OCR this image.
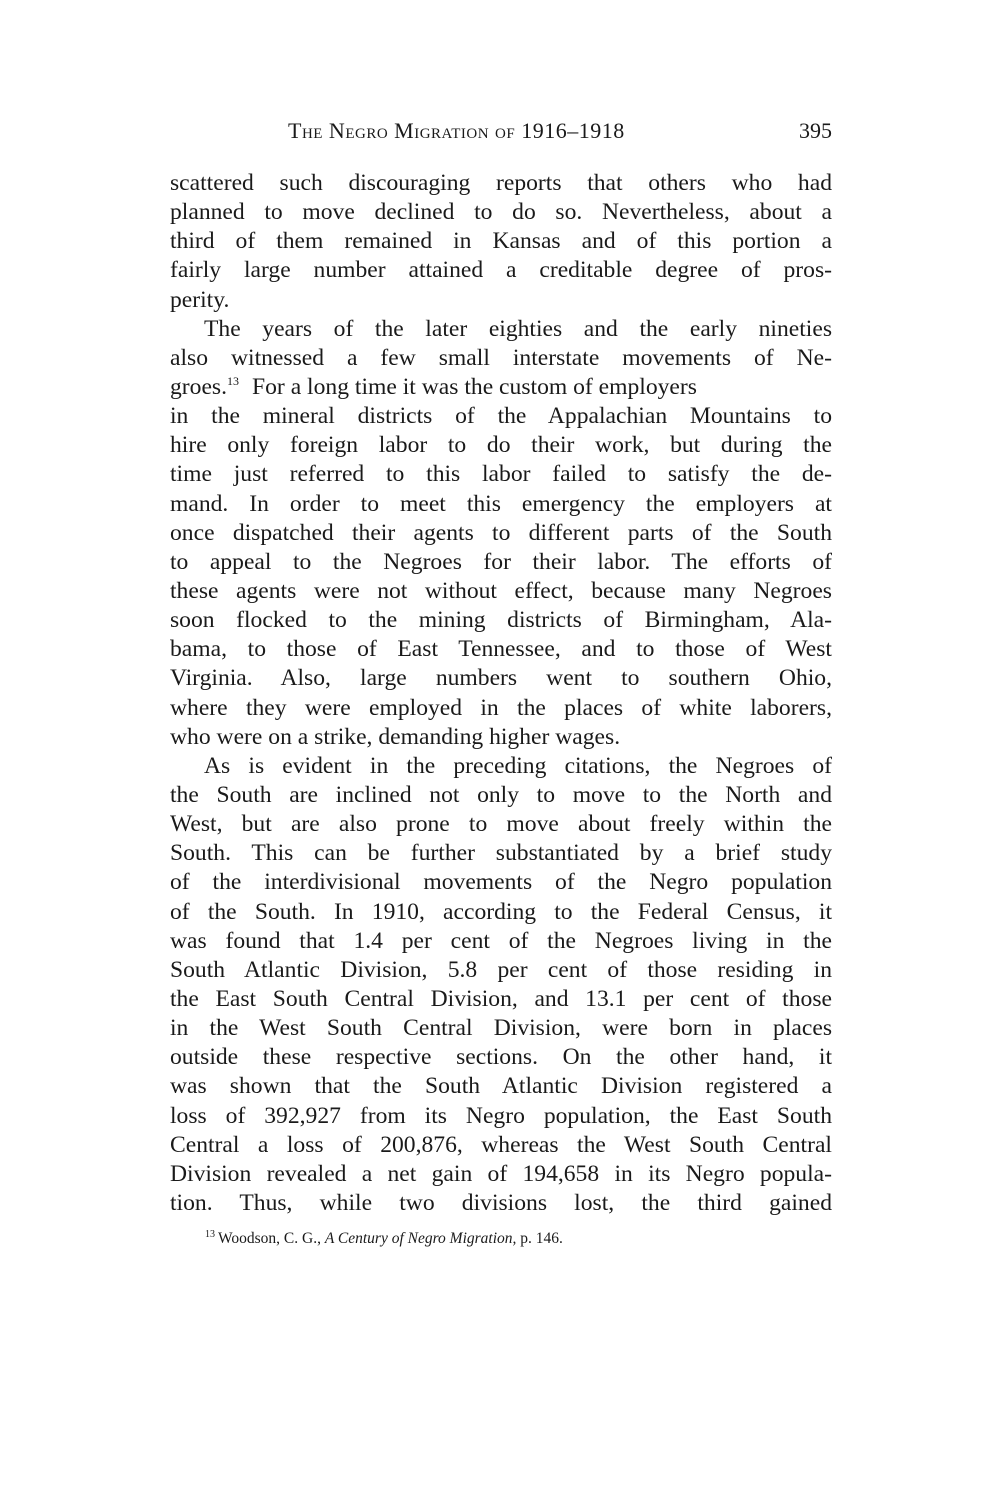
The Negro Migration of 1916–1918	395
scattered such discouraging reports that others who had
planned to move declined to do so. Nevertheless, about a
third of them remained in Kansas and of this portion a
fairly large number attained a creditable degree of pros-
perity.
The years of the later eighties and the early nineties
also witnessed a few small interstate movements of Ne-
groes.$^{13}$ For a long time it was the custom of employers
in the mineral districts of the Appalachian Mountains to
hire only foreign labor to do their work, but during the
time just referred to this labor failed to satisfy the de-
mand. In order to meet this emergency the employers at
once dispatched their agents to different parts of the South
to appeal to the Negroes for their labor. The efforts of
these agents were not without effect, because many Negroes
soon flocked to the mining districts of Birmingham, Ala-
bama, to those of East Tennessee, and to those of West
Virginia. Also, large numbers went to southern Ohio,
where they were employed in the places of white laborers,
who were on a strike, demanding higher wages.
As is evident in the preceding citations, the Negroes of
the South are inclined not only to move to the North and
West, but are also prone to move about freely within the
South. This can be further substantiated by a brief study
of the interdivisional movements of the Negro population
of the South. In 1910, according to the Federal Census, it
was found that 1.4 per cent of the Negroes living in the
South Atlantic Division, 5.8 per cent of those residing in
the East South Central Division, and 13.1 per cent of those
in the West South Central Division, were born in places
outside these respective sections. On the other hand, it
was shown that the South Atlantic Division registered a
loss of 392,927 from its Negro population, the East South
Central a loss of 200,876, whereas the West South Central
Division revealed a net gain of 194,658 in its Negro popula-
tion. Thus, while two divisions lost, the third gained
$^{13}$ Woodson, C. G., A Century of Negro Migration, p. 146.
